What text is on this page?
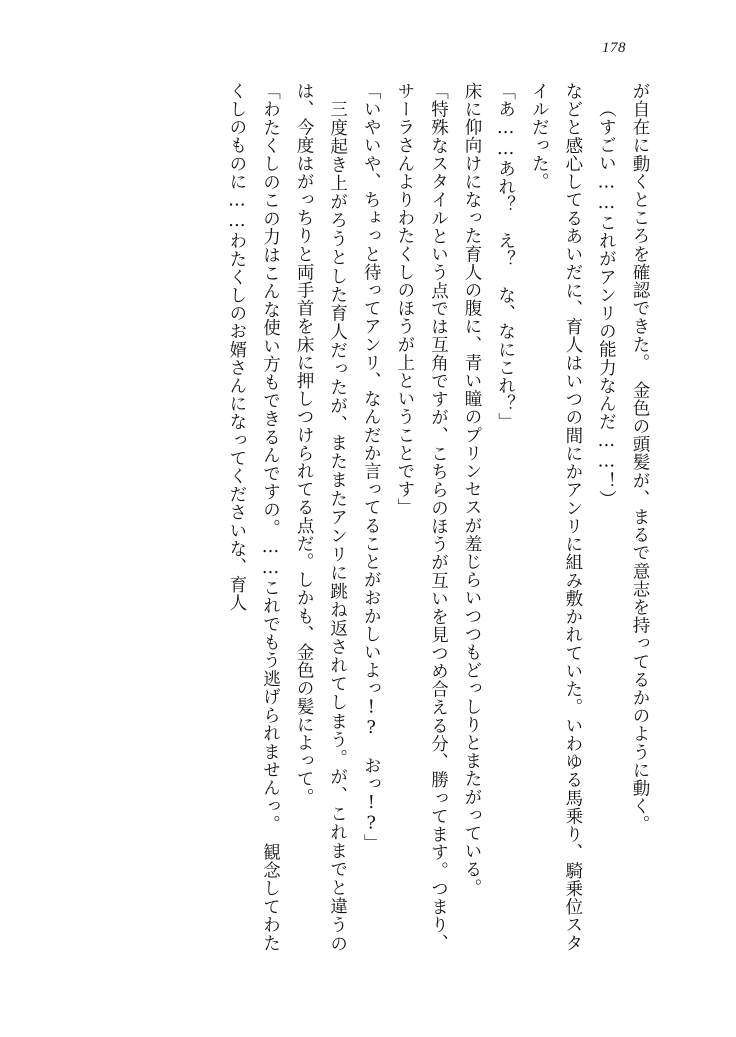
178

が自在に動くところを確認できた。　金色の頭髪が、まるで意志を持ってるかのように動く。

（すごい……これがアンリの能力なんだ……！）

などと感心してるあいだに、育人はいつの間にかアンリに組み敷かれていた。いわゆる馬乗り、騎乗位スタイルだった。

「あ……あれ？　え？　な、なにこれ？」

床に仰向けになった育人の腹に、青い瞳のプリンセスが羞じらいつつもどっしりとまたがっている。

「特殊なスタイルという点では互角ですが、こちらのほうが互いを見つめ合える分、勝ってます。つまり、サーラさんよりわたくしのほうが上ということです」

「いやいや、ちょっと待ってアンリ、なんだか言ってることがおかしいよっ!?　おっ!?」

三度起き上がろうとした育人だったが、またまたアンリに跳ね返されてしまう。が、これまでと違うのは、今度はがっちりと両手首を床に押しつけられてる点だ。しかも、金色の髪によって。

「わたくしのこの力はこんな使い方もできるんですの。……これでもう逃げられませんっ。　観念してわたくしのものに……わたくしのお婿さんになってくださいな、育人
